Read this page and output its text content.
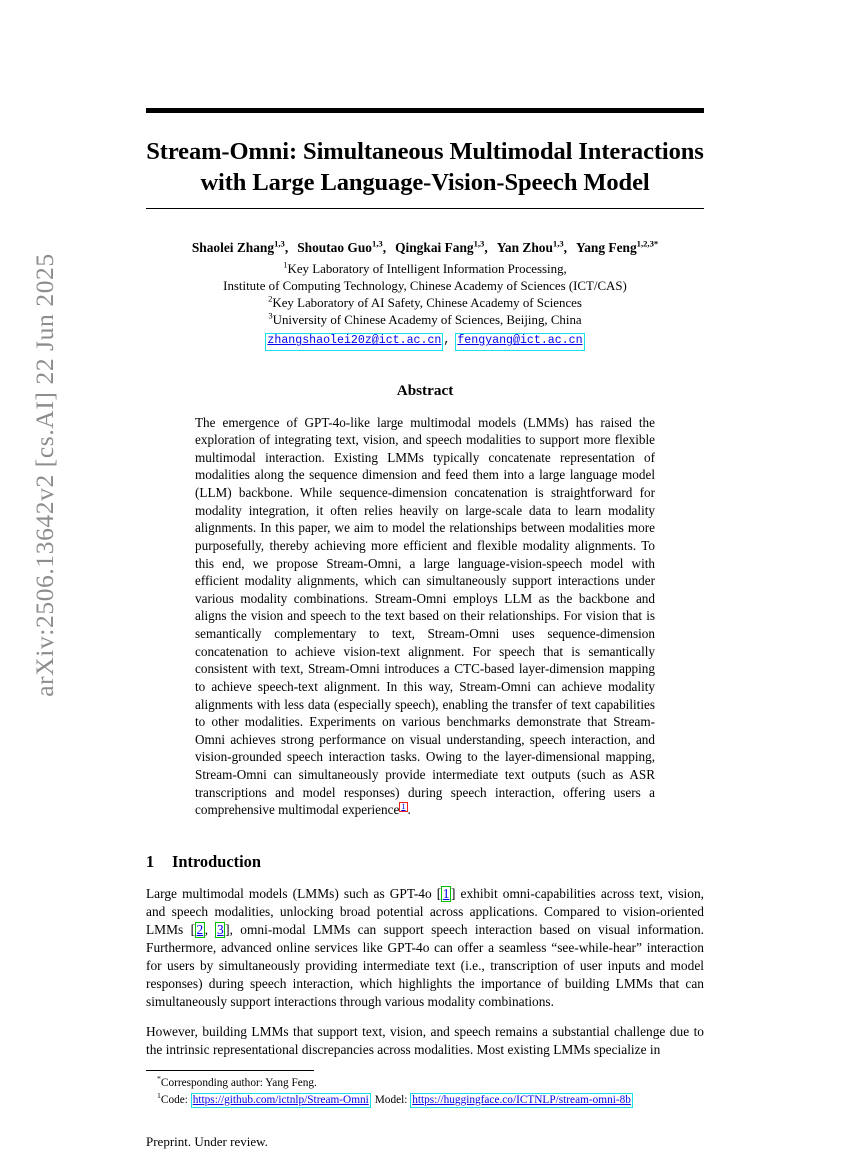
arXiv:2506.13642v2 [cs.AI] 22 Jun 2025
Stream-Omni: Simultaneous Multimodal Interactions
with Large Language-Vision-Speech Model
Shaolei Zhang$^{1,3}$, Shoutao Guo$^{1,3}$, Qingkai Fang$^{1,3}$, Yan Zhou$^{1,3}$, Yang Feng$^{1,2,3*}$
$^1$Key Laboratory of Intelligent Information Processing,
Institute of Computing Technology, Chinese Academy of Sciences (ICT/CAS)
$^2$Key Laboratory of AI Safety, Chinese Academy of Sciences
$^3$University of Chinese Academy of Sciences, Beijing, China
zhangshaolei20z@ict.ac.cn , fengyang@ict.ac.cn
Abstract
The emergence of GPT-4o-like large multimodal models (LMMs) has raised the exploration of integrating text, vision, and speech modalities to support more flexible multimodal interaction. Existing LMMs typically concatenate representation of modalities along the sequence dimension and feed them into a large language model (LLM) backbone. While sequence-dimension concatenation is straightforward for modality integration, it often relies heavily on large-scale data to learn modality alignments. In this paper, we aim to model the relationships between modalities more purposefully, thereby achieving more efficient and flexible modality alignments. To this end, we propose Stream-Omni, a large language-vision-speech model with efficient modality alignments, which can simultaneously support interactions under various modality combinations. Stream-Omni employs LLM as the backbone and aligns the vision and speech to the text based on their relationships. For vision that is semantically complementary to text, Stream-Omni uses sequence-dimension concatenation to achieve vision-text alignment. For speech that is semantically consistent with text, Stream-Omni introduces a CTC-based layer-dimension mapping to achieve speech-text alignment. In this way, Stream-Omni can achieve modality alignments with less data (especially speech), enabling the transfer of text capabilities to other modalities. Experiments on various benchmarks demonstrate that Stream-Omni achieves strong performance on visual understanding, speech interaction, and vision-grounded speech interaction tasks. Owing to the layer-dimensional mapping, Stream-Omni can simultaneously provide intermediate text outputs (such as ASR transcriptions and model responses) during speech interaction, offering users a comprehensive multimodal experience 1 .
1 Introduction
Large multimodal models (LMMs) such as GPT-4o [ 1 ] exhibit omni-capabilities across text, vision, and speech modalities, unlocking broad potential across applications. Compared to vision-oriented LMMs [ 2 , 3 ], omni-modal LMMs can support speech interaction based on visual information. Furthermore, advanced online services like GPT-4o can offer a seamless “see-while-hear” interaction for users by simultaneously providing intermediate text (i.e., transcription of user inputs and model responses) during speech interaction, which highlights the importance of building LMMs that can simultaneously support interactions through various modality combinations.
However, building LMMs that support text, vision, and speech remains a substantial challenge due to the intrinsic representational discrepancies across modalities. Most existing LMMs specialize in
*Corresponding author: Yang Feng.
$^1$Code: https://github.com/ictnlp/Stream-Omni Model: https://huggingface.co/ICTNLP/stream-omni-8b
Preprint. Under review.
